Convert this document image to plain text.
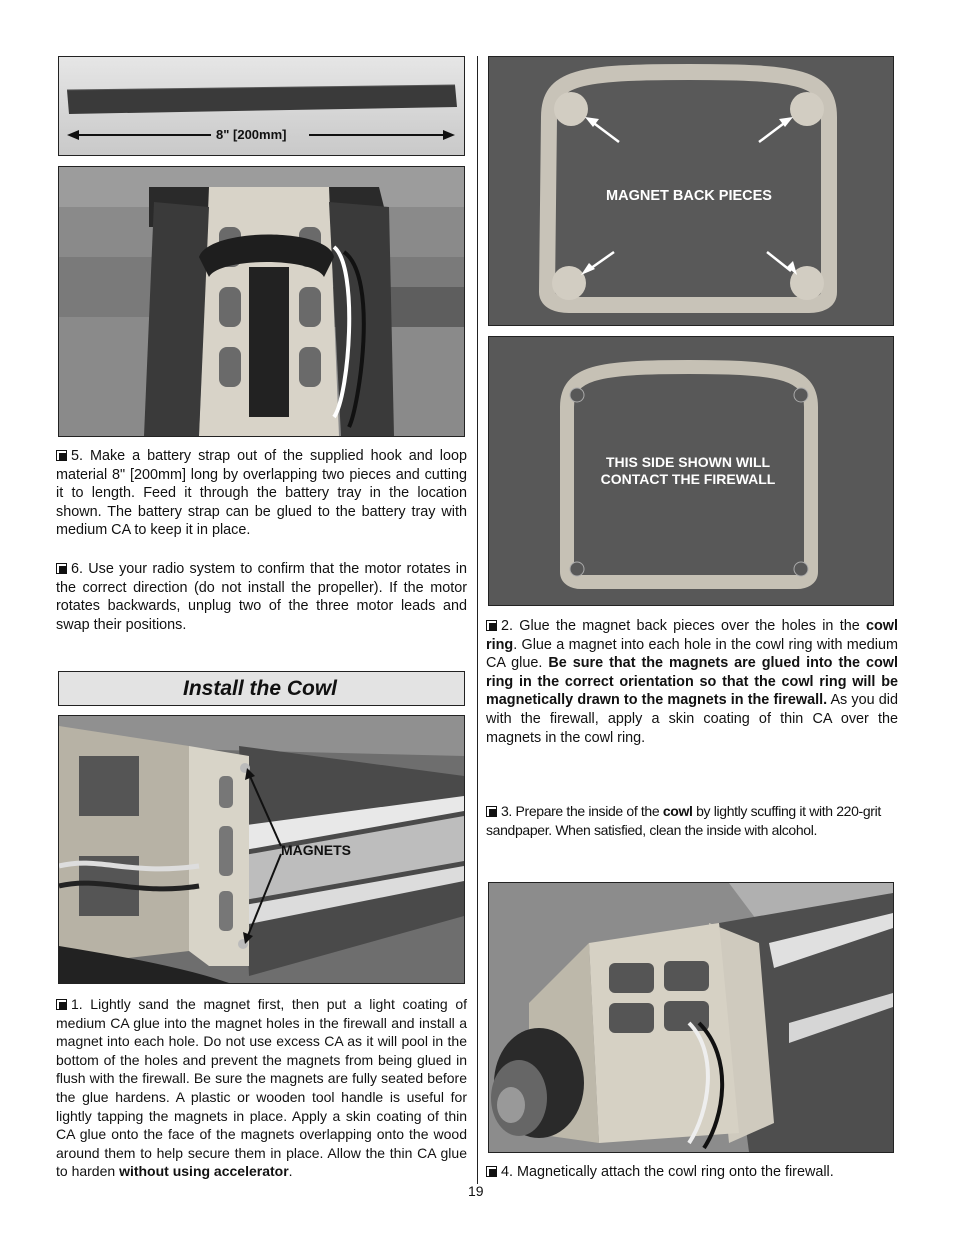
8" [200mm]

5. Make a battery strap out of the supplied hook and loop material 8" [200mm] long by overlapping two pieces and cutting it to length. Feed it through the battery tray in the location shown. The battery strap can be glued to the battery tray with medium CA to keep it in place.

6. Use your radio system to confirm that the motor rotates in the correct direction (do not install the propeller). If the motor rotates backwards, unplug two of the three motor leads and swap their positions.

Install the Cowl
MAGNETS

1. Lightly sand the magnet first, then put a light coating of medium CA glue into the magnet holes in the firewall and install a magnet into each hole. Do not use excess CA as it will pool in the bottom of the holes and prevent the magnets from being glued in flush with the firewall. Be sure the magnets are fully seated before the glue hardens. A plastic or wooden tool handle is useful for lightly tapping the magnets in place. Apply a skin coating of thin CA glue onto the face of the magnets overlapping onto the wood around them to help secure them in place. Allow the thin CA glue to harden without using accelerator.

MAGNET BACK PIECES
THIS SIDE SHOWN WILL
CONTACT THE FIREWALL

2. Glue the magnet back pieces over the holes in the cowl ring. Glue a magnet into each hole in the cowl ring with medium CA glue. Be sure that the magnets are glued into the cowl ring in the correct orientation so that the cowl ring will be magnetically drawn to the magnets in the firewall. As you did with the firewall, apply a skin coating of thin CA over the magnets in the cowl ring.

3. Prepare the inside of the cowl by lightly scuffing it with 220-grit sandpaper. When satisfied, clean the inside with alcohol.

4. Magnetically attach the cowl ring onto the firewall.

19
